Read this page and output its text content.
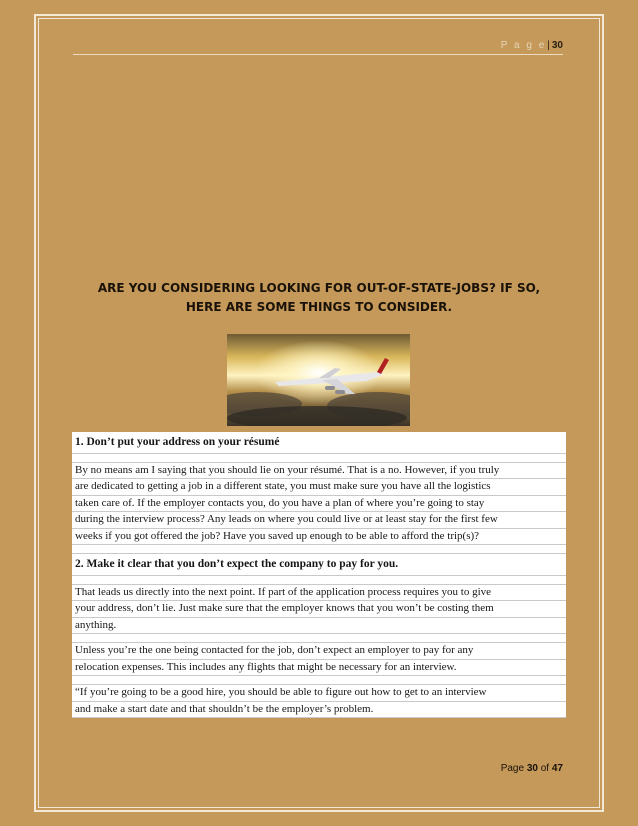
P a g e| 30
ARE YOU CONSIDERING LOOKING FOR OUT-OF-STATE-JOBS? IF SO,
HERE ARE SOME THINGS TO CONSIDER.
1. Don’t put your address on your résumé
By no means am I saying that you should lie on your résumé. That is a no. However, if you truly
are dedicated to getting a job in a different state, you must make sure you have all the logistics
taken care of. If the employer contacts you, do you have a plan of where you’re going to stay
during the interview process? Any leads on where you could live or at least stay for the first few
weeks if you got offered the job? Have you saved up enough to be able to afford the trip(s)?
2. Make it clear that you don’t expect the company to pay for you.
That leads us directly into the next point. If part of the application process requires you to give
your address, don’t lie. Just make sure that the employer knows that you won’t be costing them
anything.
Unless you’re the one being contacted for the job, don’t expect an employer to pay for any
relocation expenses. This includes any flights that might be necessary for an interview.
“If you’re going to be a good hire, you should be able to figure out how to get to an interview
and make a start date and that shouldn’t be the employer’s problem.
Page 30 of 47
